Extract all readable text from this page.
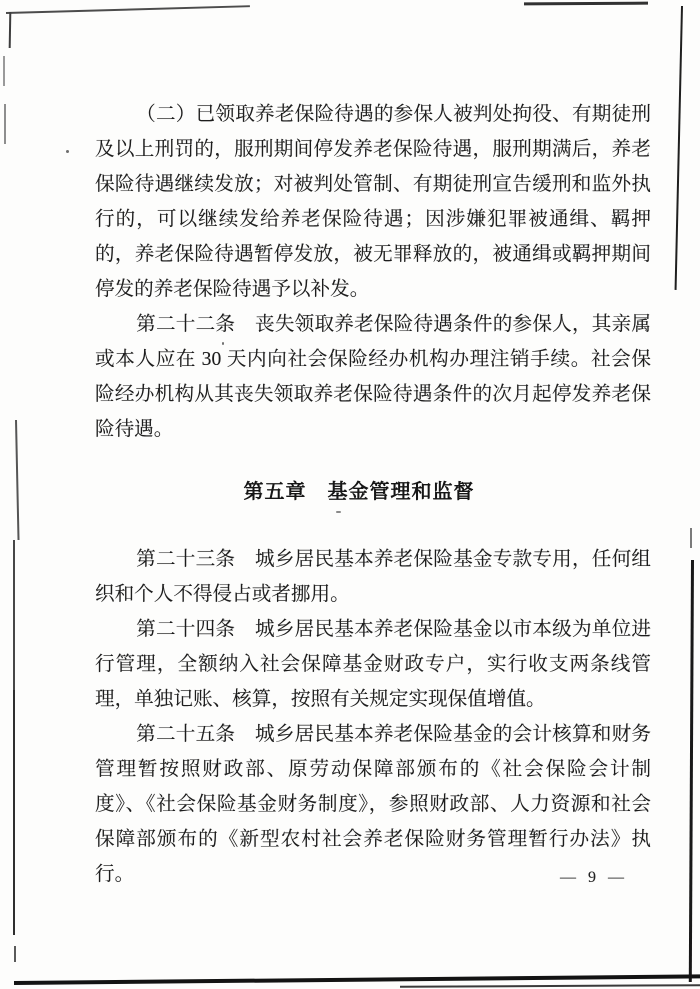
（二）已领取养老保险待遇的参保人被判处拘役、有期徒刑及以上刑罚的，服刑期间停发养老保险待遇，服刑期满后，养老保险待遇继续发放；对被判处管制、有期徒刑宣告缓刑和监外执行的，可以继续发给养老保险待遇；因涉嫌犯罪被通缉、羁押的，养老保险待遇暂停发放，被无罪释放的，被通缉或羁押期间停发的养老保险待遇予以补发。

第二十二条　丧失领取养老保险待遇条件的参保人，其亲属或本人应在 30 天内向社会保险经办机构办理注销手续。社会保险经办机构从其丧失领取养老保险待遇条件的次月起停发养老保险待遇。

第五章　基金管理和监督

第二十三条　城乡居民基本养老保险基金专款专用，任何组织和个人不得侵占或者挪用。

第二十四条　城乡居民基本养老保险基金以市本级为单位进行管理，全额纳入社会保障基金财政专户，实行收支两条线管理，单独记账、核算，按照有关规定实现保值增值。

第二十五条　城乡居民基本养老保险基金的会计核算和财务管理暂按照财政部、原劳动保障部颁布的《社会保险会计制度》、《社会保险基金财务制度》，参照财政部、人力资源和社会保障部颁布的《新型农村社会养老保险财务管理暂行办法》执行。	— 9 —
